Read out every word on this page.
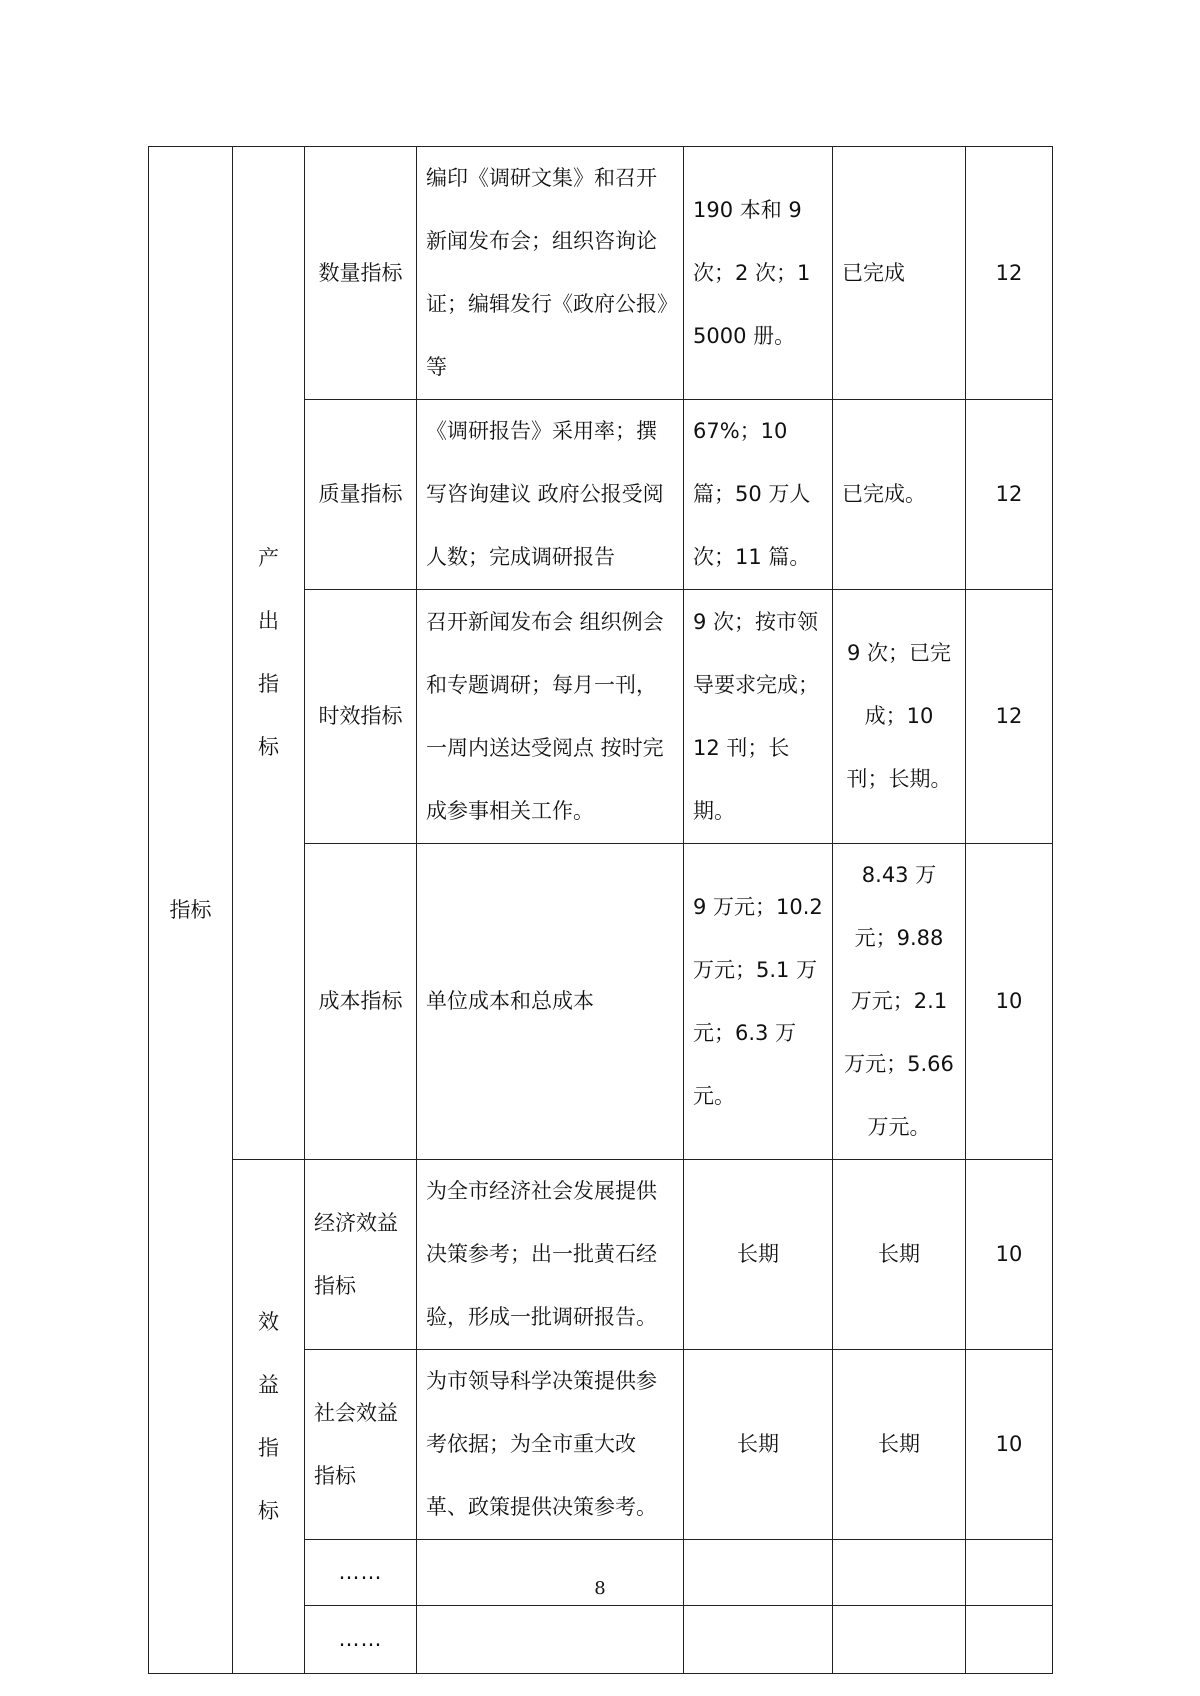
指标	产出指标	数量指标	编印《调研文集》和召开新闻发布会；组织咨询论证；编辑发行《政府公报》等	190 本和 9 次；2 次；15000 册。	已完成	12
		质量指标	《调研报告》采用率；撰写咨询建议 政府公报受阅人数；完成调研报告	67%；10 篇；50 万人次；11 篇。	已完成。	12
		时效指标	召开新闻发布会 组织例会和专题调研；每月一刊，一周内送达受阅点 按时完成参事相关工作。	9 次；按市领导要求完成；12 刊；长期。	9 次；已完成；10 刊；长期。	12
		成本指标	单位成本和总成本	9 万元；10.2 万元；5.1 万元；6.3 万元。	8.43 万元；9.88 万元；2.1 万元；5.66 万元。	10
	效益指标	经济效益指标	为全市经济社会发展提供决策参考；出一批黄石经验，形成一批调研报告。	长期	长期	10
		社会效益指标	为市领导科学决策提供参考依据；为全市重大改革、政策提供决策参考。	长期	长期	10
		……				
		……				
8
